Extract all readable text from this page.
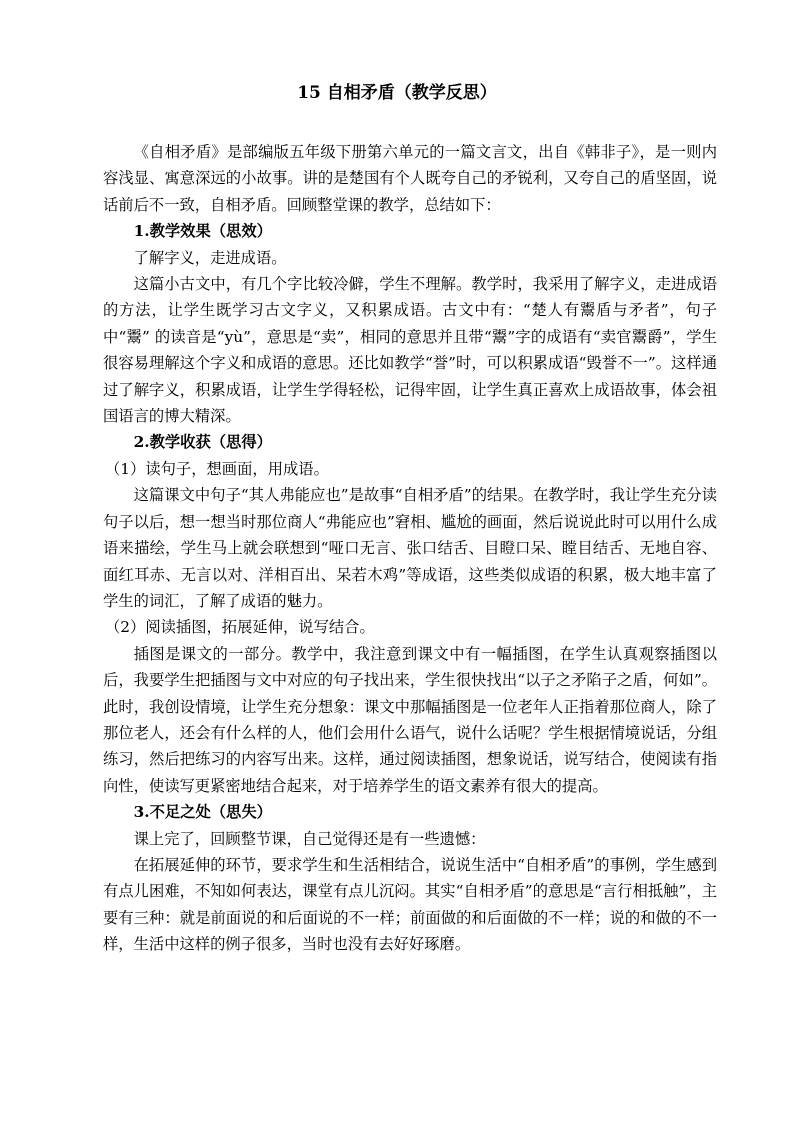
15 自相矛盾（教学反思）

《自相矛盾》是部编版五年级下册第六单元的一篇文言文，出自《韩非子》，是一则内容浅显、寓意深远的小故事。讲的是楚国有个人既夸自己的矛锐利，又夸自己的盾坚固，说话前后不一致，自相矛盾。回顾整堂课的教学，总结如下：

1.教学效果（思效）

了解字义，走进成语。

这篇小古文中，有几个字比较冷僻，学生不理解。教学时，我采用了解字义，走进成语的方法，让学生既学习古文字义，又积累成语。古文中有：“楚人有鬻盾与矛者”，句子中“鬻” 的读音是“yù”，意思是“卖”，相同的意思并且带“鬻”字的成语有“卖官鬻爵”，学生很容易理解这个字义和成语的意思。还比如教学“誉”时，可以积累成语“毁誉不一”。这样通过了解字义，积累成语，让学生学得轻松，记得牢固，让学生真正喜欢上成语故事，体会祖国语言的博大精深。

2.教学收获（思得）

（1）读句子，想画面，用成语。

这篇课文中句子“其人弗能应也”是故事“自相矛盾”的结果。在教学时，我让学生充分读句子以后，想一想当时那位商人“弗能应也”窘相、尴尬的画面，然后说说此时可以用什么成语来描绘，学生马上就会联想到“哑口无言、张口结舌、目瞪口呆、瞠目结舌、无地自容、面红耳赤、无言以对、洋相百出、呆若木鸡”等成语，这些类似成语的积累，极大地丰富了学生的词汇，了解了成语的魅力。

（2）阅读插图，拓展延伸，说写结合。

插图是课文的一部分。教学中，我注意到课文中有一幅插图，在学生认真观察插图以后，我要学生把插图与文中对应的句子找出来，学生很快找出“以子之矛陷子之盾，何如”。此时，我创设情境，让学生充分想象：课文中那幅插图是一位老年人正指着那位商人，除了那位老人，还会有什么样的人，他们会用什么语气，说什么话呢？学生根据情境说话，分组练习，然后把练习的内容写出来。这样，通过阅读插图，想象说话，说写结合，使阅读有指向性，使读写更紧密地结合起来，对于培养学生的语文素养有很大的提高。

3.不足之处（思失）

课上完了，回顾整节课，自己觉得还是有一些遗憾：

在拓展延伸的环节，要求学生和生活相结合，说说生活中“自相矛盾”的事例，学生感到有点儿困难，不知如何表达，课堂有点儿沉闷。其实“自相矛盾”的意思是“言行相抵触”，主要有三种：就是前面说的和后面说的不一样；前面做的和后面做的不一样；说的和做的不一样，生活中这样的例子很多，当时也没有去好好琢磨。
